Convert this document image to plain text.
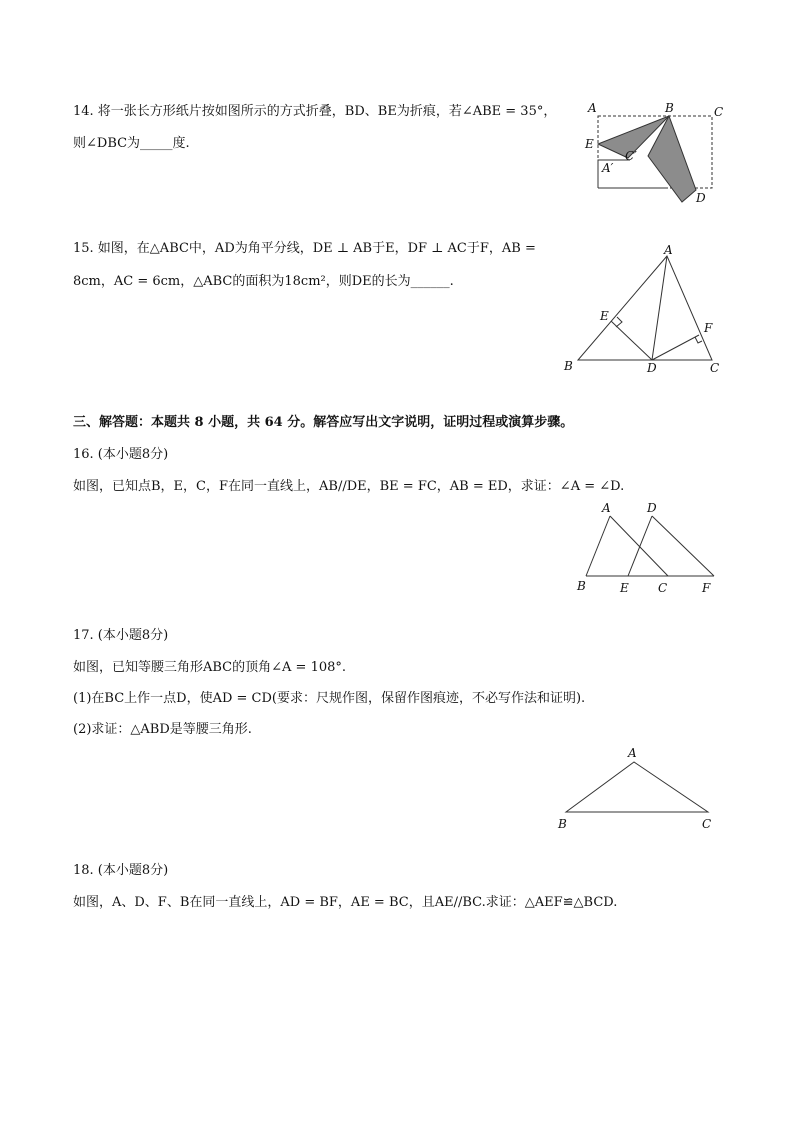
14. 将一张长方形纸片按如图所示的方式折叠，BD、BE为折痕，若∠ABE = 35°，
则∠DBC为_____度.
A	B	C
E
C′
A′
D
15. 如图，在△ABC中，AD为角平分线，DE ⊥ AB于E，DF ⊥ AC于F，AB =
8cm，AC = 6cm，△ABC的面积为18cm²，则DE的长为______.
A
E
F
B	D	C
三、解答题：本题共 8 小题，共 64 分。解答应写出文字说明，证明过程或演算步骤。
16. (本小题8分)
如图，已知点B，E，C，F在同一直线上，AB//DE，BE = FC，AB = ED，求证：∠A = ∠D.
A	D
B	E C	F
17. (本小题8分)
如图，已知等腰三角形ABC的顶角∠A = 108°.
(1)在BC上作一点D，使AD = CD(要求：尺规作图，保留作图痕迹，不必写作法和证明).
(2)求证：△ABD是等腰三角形.
A
B	C
18. (本小题8分)
如图，A、D、F、B在同一直线上，AD = BF，AE = BC，且AE//BC.求证：△AEF≌△BCD.
